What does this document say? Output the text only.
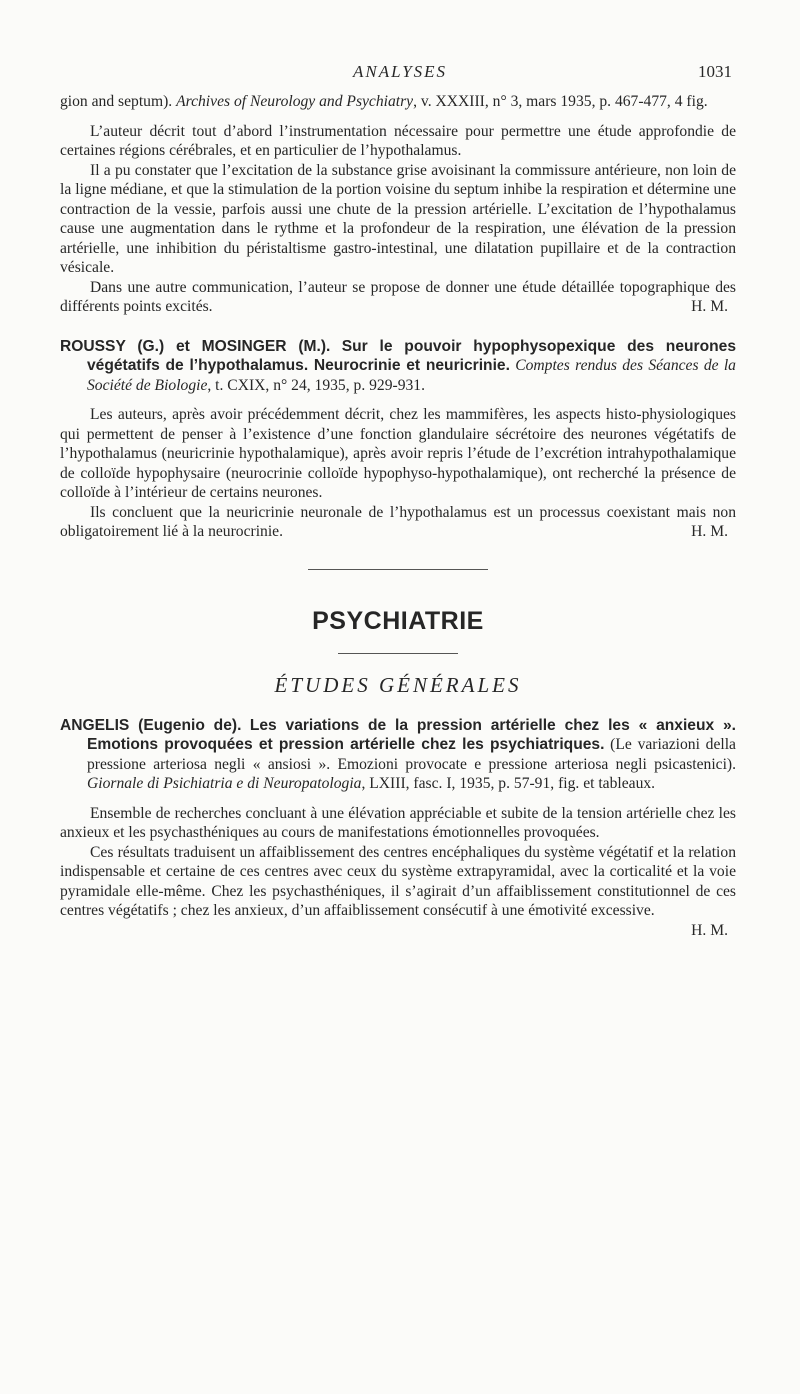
ANALYSES	1031

gion and septum). Archives of Neurology and Psychiatry, v. XXXIII, n° 3, mars 1935, p. 467-477, 4 fig.

L’auteur décrit tout d’abord l’instrumentation nécessaire pour permettre une étude approfondie de certaines régions cérébrales, et en particulier de l’hypothalamus.

Il a pu constater que l’excitation de la substance grise avoisinant la commissure antérieure, non loin de la ligne médiane, et que la stimulation de la portion voisine du septum inhibe la respiration et détermine une contraction de la vessie, parfois aussi une chute de la pression artérielle. L’excitation de l’hypothalamus cause une augmentation dans le rythme et la profondeur de la respiration, une élévation de la pression artérielle, une inhibition du péristaltisme gastro-intestinal, une dilatation pupillaire et de la contraction vésicale.

Dans une autre communication, l’auteur se propose de donner une étude détaillée topographique des différents points excités.	H. M.

ROUSSY (G.) et MOSINGER (M.). Sur le pouvoir hypophysopexique des neurones végétatifs de l’hypothalamus. Neurocrinie et neuricrinie. Comptes rendus des Séances de la Société de Biologie, t. CXIX, n° 24, 1935, p. 929-931.

Les auteurs, après avoir précédemment décrit, chez les mammifères, les aspects histo-physiologiques qui permettent de penser à l’existence d’une fonction glandulaire sécrétoire des neurones végétatifs de l’hypothalamus (neuricrinie hypothalamique), après avoir repris l’étude de l’excrétion intrahypothalamique de colloïde hypophysaire (neurocrinie colloïde hypophyso-hypothalamique), ont recherché la présence de colloïde à l’intérieur de certains neurones.

Ils concluent que la neuricrinie neuronale de l’hypothalamus est un processus coexistant mais non obligatoirement lié à la neurocrinie.	H. M.

PSYCHIATRIE

ÉTUDES GÉNÉRALES

ANGELIS (Eugenio de). Les variations de la pression artérielle chez les « anxieux ». Emotions provoquées et pression artérielle chez les psychiatriques. (Le variazioni della pressione arteriosa negli « ansiosi ». Emozioni provocate e pressione arteriosa negli psicastenici). Giornale di Psichiatria e di Neuropatologia, LXIII, fasc. I, 1935, p. 57-91, fig. et tableaux.

Ensemble de recherches concluant à une élévation appréciable et subite de la tension artérielle chez les anxieux et les psychasthéniques au cours de manifestations émotionnelles provoquées.

Ces résultats traduisent un affaiblissement des centres encéphaliques du système végétatif et la relation indispensable et certaine de ces centres avec ceux du système extrapyramidal, avec la corticalité et la voie pyramidale elle-même. Chez les psychasthéniques, il s’agirait d’un affaiblissement constitutionnel de ces centres végétatifs ; chez les anxieux, d’un affaiblissement consécutif à une émotivité excessive.

H. M.
